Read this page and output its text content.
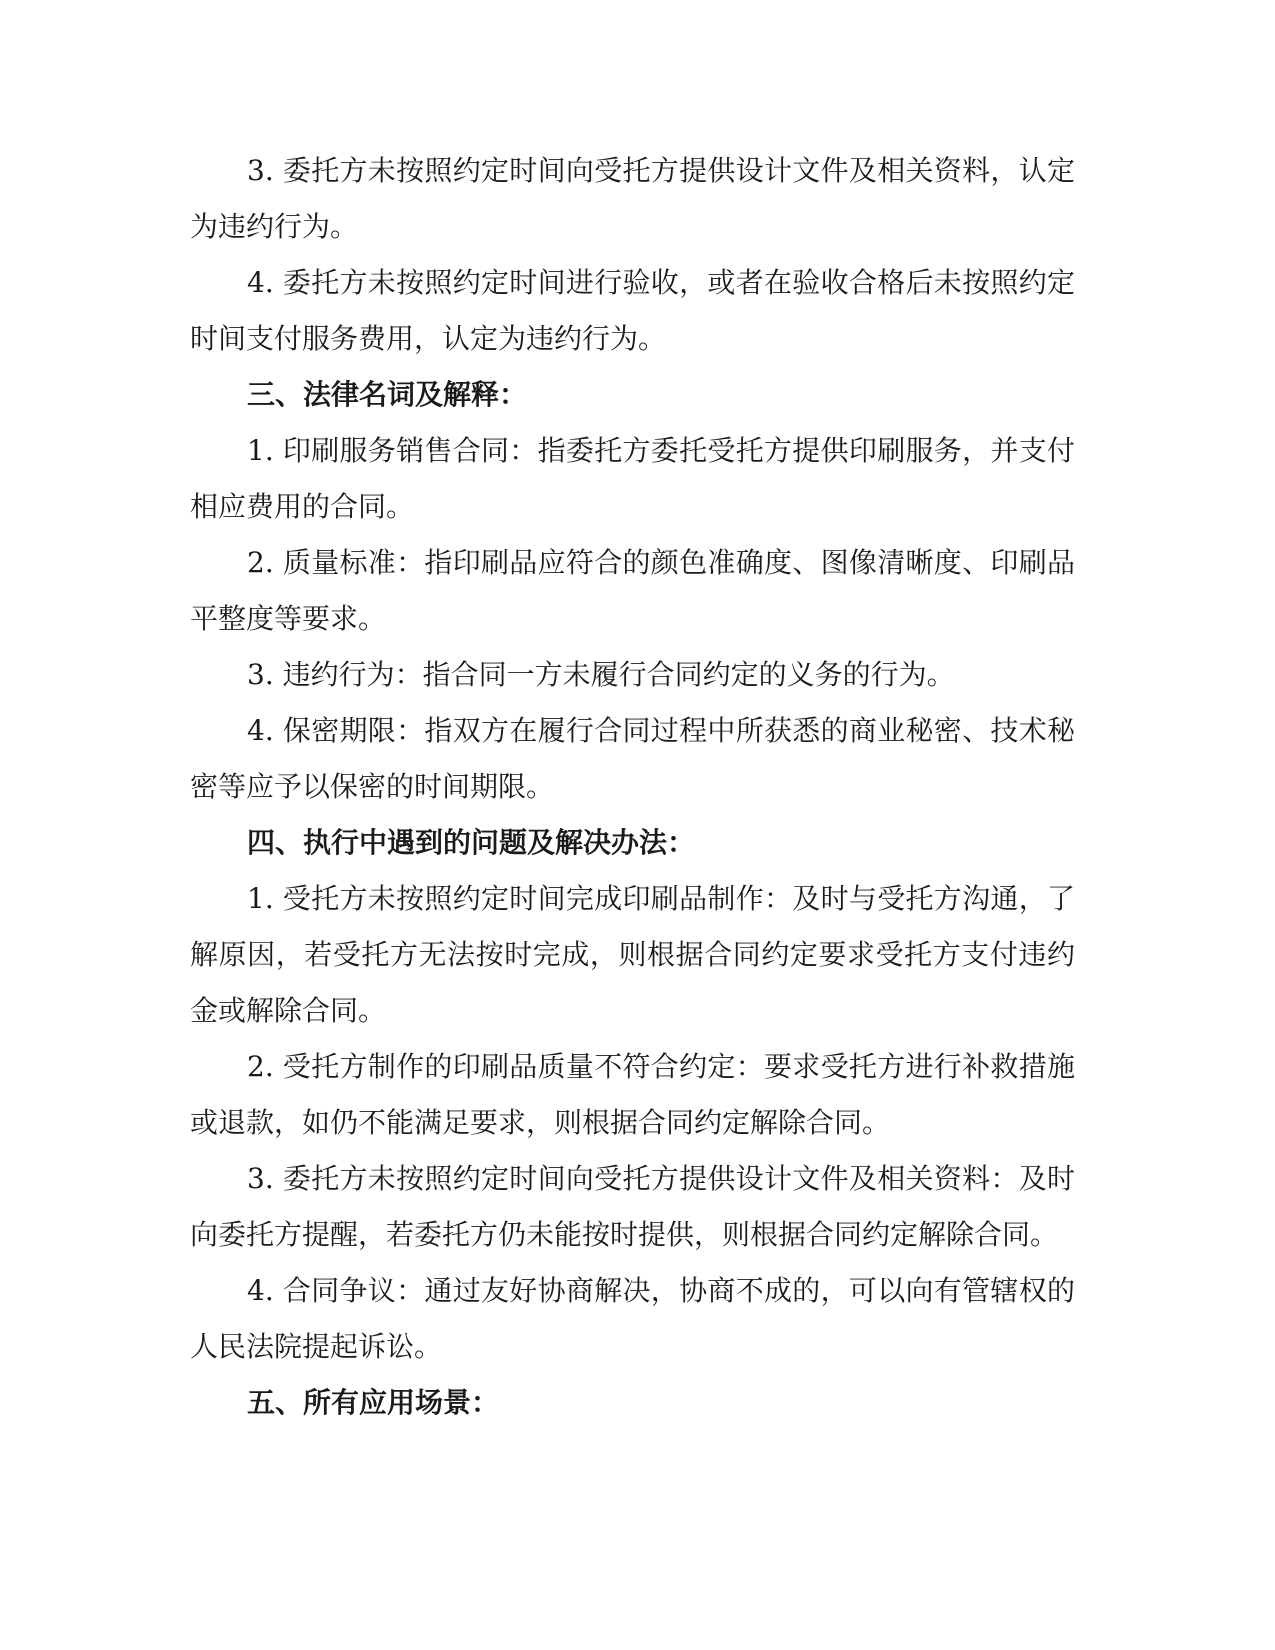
3. 委托方未按照约定时间向受托方提供设计文件及相关资料，认定为违约行为。

4. 委托方未按照约定时间进行验收，或者在验收合格后未按照约定时间支付服务费用，认定为违约行为。

三、法律名词及解释：

1. 印刷服务销售合同：指委托方委托受托方提供印刷服务，并支付相应费用的合同。

2. 质量标准：指印刷品应符合的颜色准确度、图像清晰度、印刷品平整度等要求。

3. 违约行为：指合同一方未履行合同约定的义务的行为。

4. 保密期限：指双方在履行合同过程中所获悉的商业秘密、技术秘密等应予以保密的时间期限。

四、执行中遇到的问题及解决办法：

1. 受托方未按照约定时间完成印刷品制作：及时与受托方沟通，了解原因，若受托方无法按时完成，则根据合同约定要求受托方支付违约金或解除合同。

2. 受托方制作的印刷品质量不符合约定：要求受托方进行补救措施或退款，如仍不能满足要求，则根据合同约定解除合同。

3. 委托方未按照约定时间向受托方提供设计文件及相关资料：及时向委托方提醒，若委托方仍未能按时提供，则根据合同约定解除合同。

4. 合同争议：通过友好协商解决，协商不成的，可以向有管辖权的人民法院提起诉讼。

五、所有应用场景：
